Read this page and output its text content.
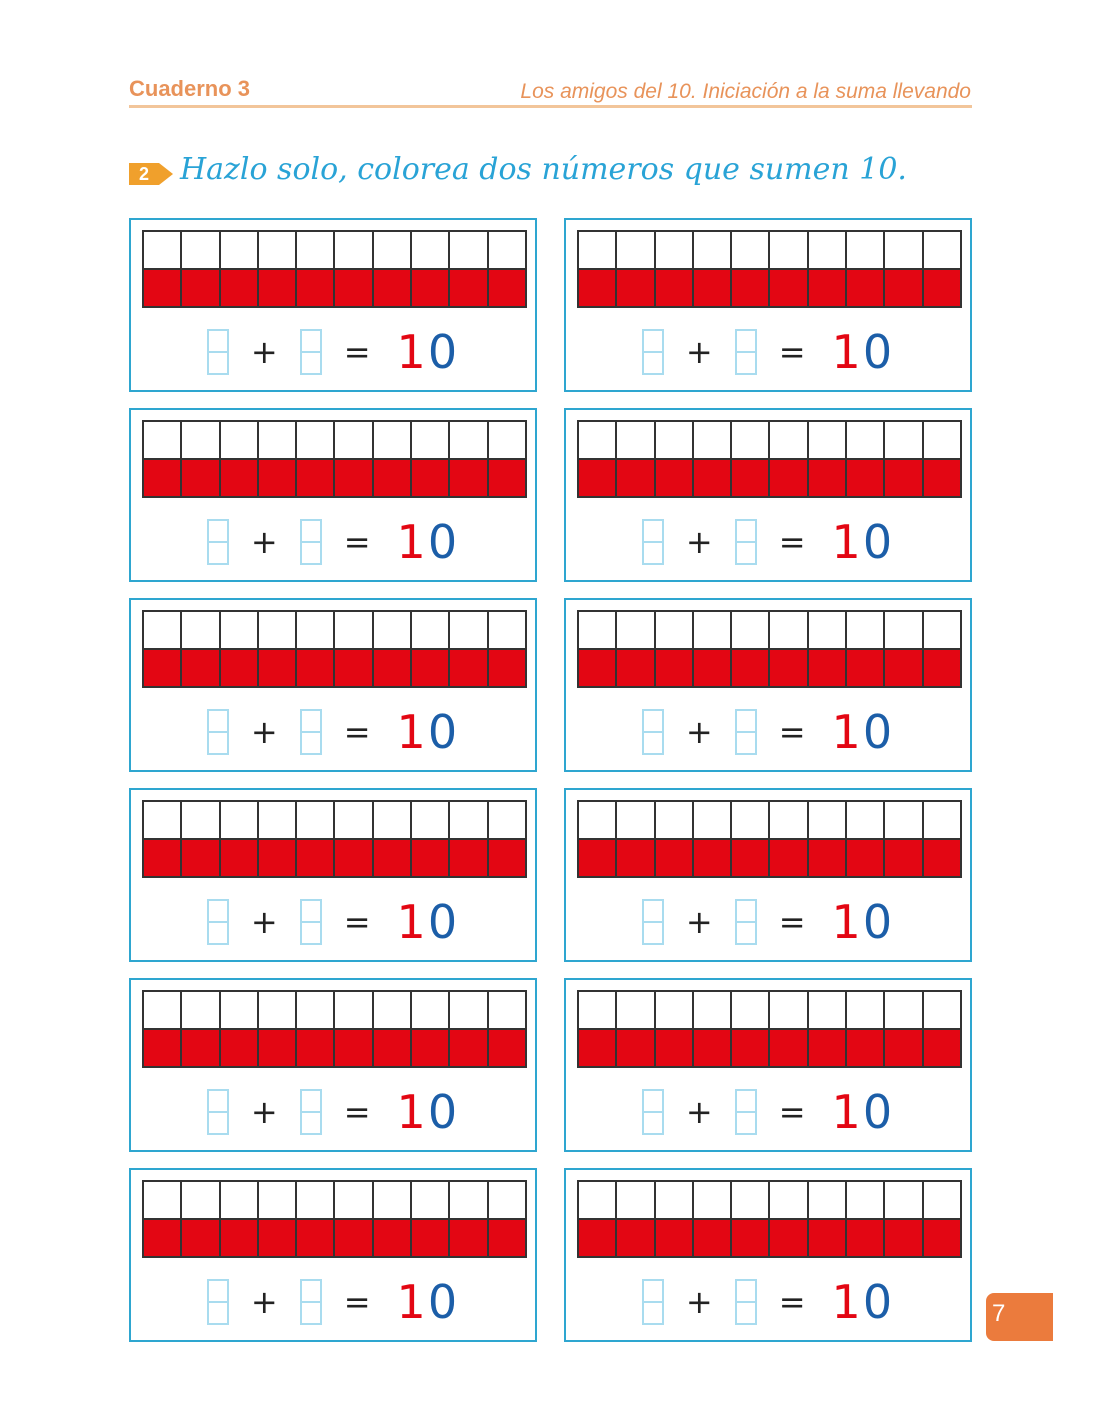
Cuaderno 3	Los amigos del 10. Iniciación a la suma llevando
2	Hazlo solo, colorea dos números que sumen 10.
+ = 10	+ = 10
+ = 10	+ = 10
+ = 10	+ = 10
+ = 10	+ = 10
+ = 10	+ = 10
+ = 10	+ = 10	7
